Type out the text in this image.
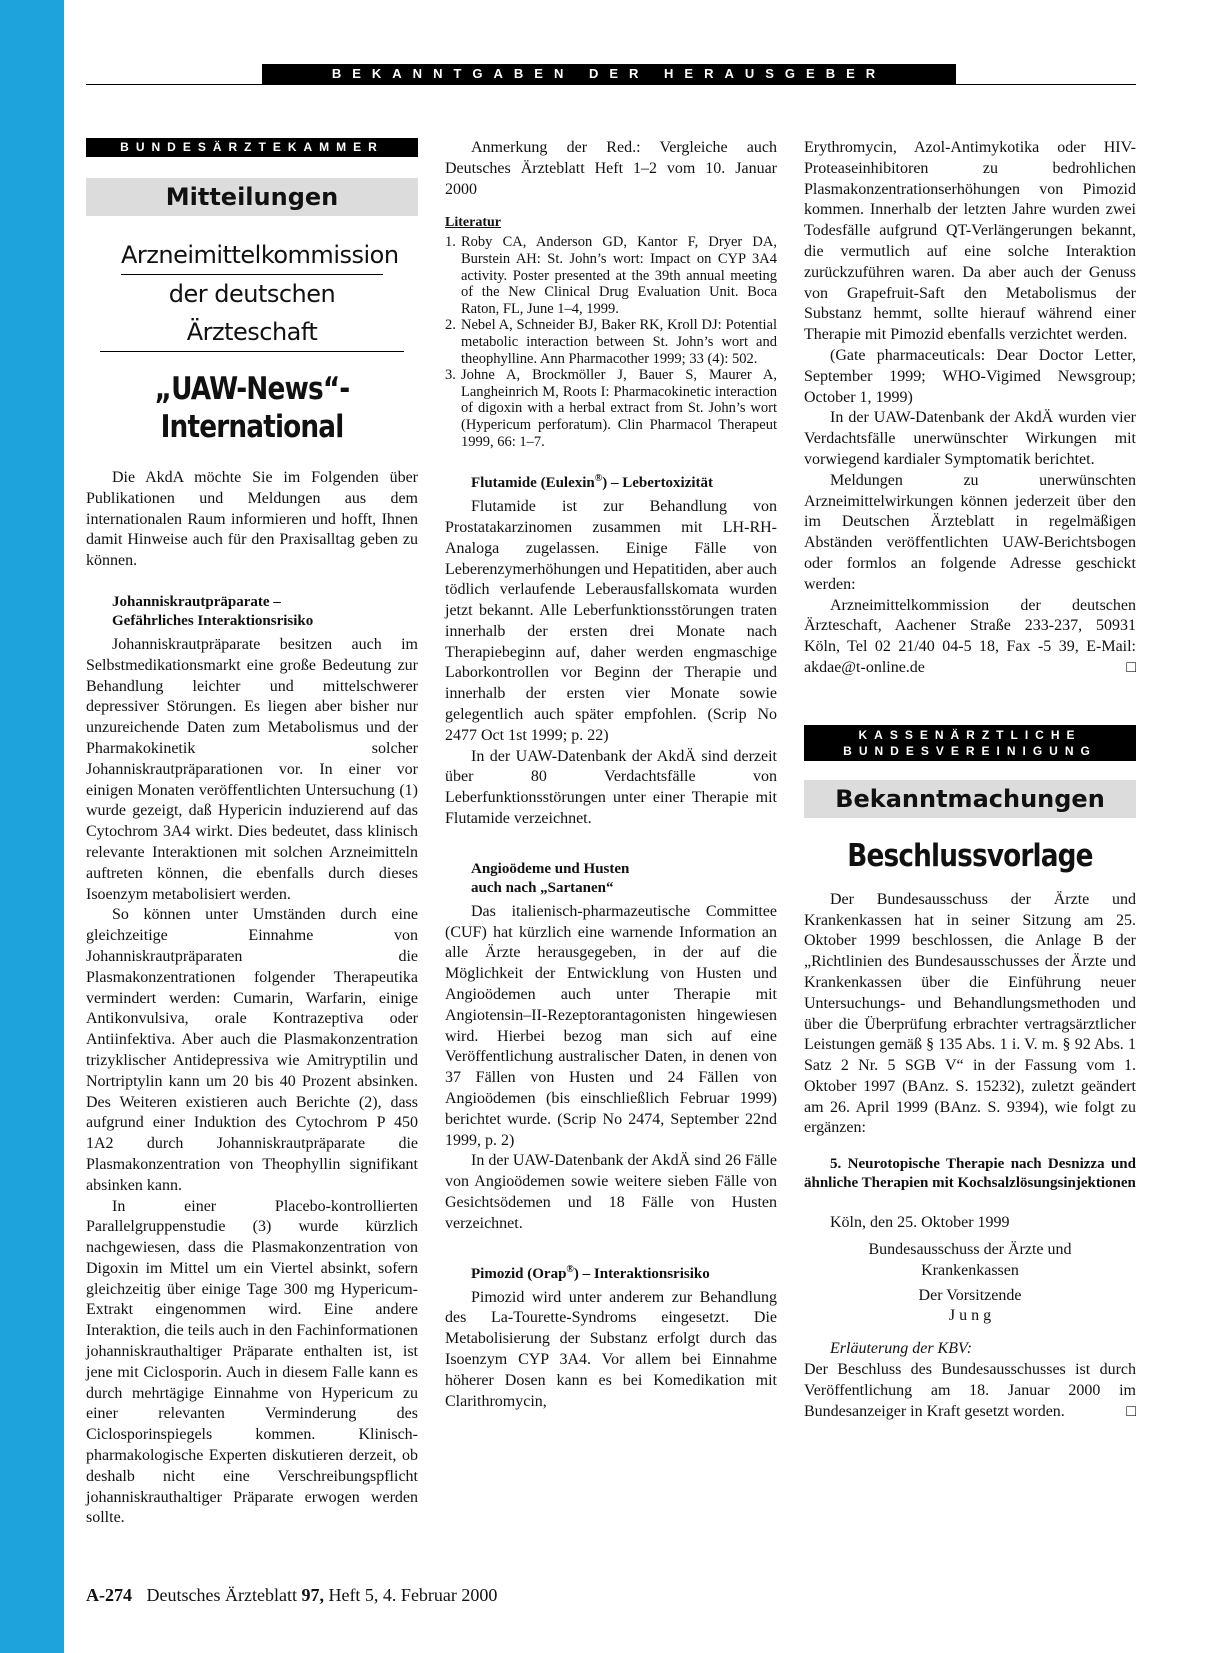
BEKANNTGABEN DER HERAUSGEBER
BUNDESÄRZTEKAMMER
Mitteilungen
Arzneimittelkommission
der deutschen Ärzteschaft
„UAW-News“-
International

Die AkdA möchte Sie im Folgenden über Publikationen und Meldungen aus dem internationalen Raum informieren und hofft, Ihnen damit Hinweise auch für den Praxisalltag geben zu können.

Johanniskrautpräparate –
Gefährliches Interaktionsrisiko

Johanniskrautpräparate besitzen auch im Selbstmedikationsmarkt eine große Bedeutung zur Behandlung leichter und mittelschwerer depressiver Störungen. Es liegen aber bisher nur unzureichende Daten zum Metabolismus und der Pharmakokinetik solcher Johanniskrautpräparationen vor. In einer vor einigen Monaten veröffentlichten Untersuchung (1) wurde gezeigt, daß Hypericin induzierend auf das Cytochrom 3A4 wirkt. Dies bedeutet, dass klinisch relevante Interaktionen mit solchen Arzneimitteln auftreten können, die ebenfalls durch dieses Isoenzym metabolisiert werden.

So können unter Umständen durch eine gleichzeitige Einnahme von Johanniskrautpräparaten die Plasmakonzentrationen folgender Therapeutika vermindert werden: Cumarin, Warfarin, einige Antikonvulsiva, orale Kontrazeptiva oder Antiinfektiva. Aber auch die Plasmakonzentration trizyklischer Antidepressiva wie Amitryptilin und Nortriptylin kann um 20 bis 40 Prozent absinken. Des Weiteren existieren auch Berichte (2), dass aufgrund einer Induktion des Cytochrom P 450 1A2 durch Johanniskrautpräparate die Plasmakonzentration von Theophyllin signifikant absinken kann.

In einer Placebo-kontrollierten Parallelgruppenstudie (3) wurde kürzlich nachgewiesen, dass die Plasmakonzentration von Digoxin im Mittel um ein Viertel absinkt, sofern gleichzeitig über einige Tage 300 mg Hypericum-Extrakt eingenommen wird. Eine andere Interaktion, die teils auch in den Fachinformationen johanniskrauthaltiger Präparate enthalten ist, ist jene mit Ciclosporin. Auch in diesem Falle kann es durch mehrtägige Einnahme von Hypericum zu einer relevanten Verminderung des Ciclosporinspiegels kommen. Klinisch-pharmakologische Experten diskutieren derzeit, ob deshalb nicht eine Verschreibungspflicht johanniskrauthaltiger Präparate erwogen werden sollte.

Anmerkung der Red.: Vergleiche auch Deutsches Ärzteblatt Heft 1–2 vom 10. Januar 2000

Literatur
1. Roby CA, Anderson GD, Kantor F, Dryer DA, Burstein AH: St. John’s wort: Impact on CYP 3A4 activity. Poster presented at the 39th annual meeting of the New Clinical Drug Evaluation Unit. Boca Raton, FL, June 1–4, 1999.
2. Nebel A, Schneider BJ, Baker RK, Kroll DJ: Potential metabolic interaction between St. John’s wort and theophylline. Ann Pharmacother 1999; 33 (4): 502.
3. Johne A, Brockmöller J, Bauer S, Maurer A, Langheinrich M, Roots I: Pharmacokinetic interaction of digoxin with a herbal extract from St. John’s wort (Hypericum perforatum). Clin Pharmacol Therapeut 1999, 66: 1–7.
Flutamide (Eulexin®) – Lebertoxizität

Flutamide ist zur Behandlung von Prostatakarzinomen zusammen mit LH-RH-Analoga zugelassen. Einige Fälle von Leberenzymerhöhungen und Hepatitiden, aber auch tödlich verlaufende Leberausfallskomata wurden jetzt bekannt. Alle Leberfunktionsstörungen traten innerhalb der ersten drei Monate nach Therapiebeginn auf, daher werden engmaschige Laborkontrollen vor Beginn der Therapie und innerhalb der ersten vier Monate sowie gelegentlich auch später empfohlen. (Scrip No 2477 Oct 1st 1999; p. 22)

In der UAW-Datenbank der AkdÄ sind derzeit über 80 Verdachtsfälle von Leberfunktionsstörungen unter einer Therapie mit Flutamide verzeichnet.

Angioödeme und Husten
auch nach „Sartanen“

Das italienisch-pharmazeutische Committee (CUF) hat kürzlich eine warnende Information an alle Ärzte herausgegeben, in der auf die Möglichkeit der Entwicklung von Husten und Angioödemen auch unter Therapie mit Angiotensin–II-Rezeptorantagonisten hingewiesen wird. Hierbei bezog man sich auf eine Veröffentlichung australischer Daten, in denen von 37 Fällen von Husten und 24 Fällen von Angioödemen (bis einschließlich Februar 1999) berichtet wurde. (Scrip No 2474, September 22nd 1999, p. 2)

In der UAW-Datenbank der AkdÄ sind 26 Fälle von Angioödemen sowie weitere sieben Fälle von Gesichtsödemen und 18 Fälle von Husten verzeichnet.

Pimozid (Orap®) – Interaktionsrisiko

Pimozid wird unter anderem zur Behandlung des La-Tourette-Syndroms eingesetzt. Die Metabolisierung der Substanz erfolgt durch das Isoenzym CYP 3A4. Vor allem bei Einnahme höherer Dosen kann es bei Komedikation mit Clarithromycin,

Erythromycin, Azol-Antimykotika oder HIV-Proteaseinhibitoren zu bedrohlichen Plasmakonzentrationserhöhungen von Pimozid kommen. Innerhalb der letzten Jahre wurden zwei Todesfälle aufgrund QT-Verlängerungen bekannt, die vermutlich auf eine solche Interaktion zurückzuführen waren. Da aber auch der Genuss von Grapefruit-Saft den Metabolismus der Substanz hemmt, sollte hierauf während einer Therapie mit Pimozid ebenfalls verzichtet werden.

(Gate pharmaceuticals: Dear Doctor Letter, September 1999; WHO-Vigimed Newsgroup; October 1, 1999)

In der UAW-Datenbank der AkdÄ wurden vier Verdachtsfälle unerwünschter Wirkungen mit vorwiegend kardialer Symptomatik berichtet.

Meldungen zu unerwünschten Arzneimittelwirkungen können jederzeit über den im Deutschen Ärzteblatt in regelmäßigen Abständen veröffentlichten UAW-Berichtsbogen oder formlos an folgende Adresse geschickt werden:

Arzneimittelkommission der deutschen Ärzteschaft, Aachener Straße 233-237, 50931 Köln, Tel 02 21/40 04-5 18, Fax -5 39, E-Mail: akdae@t-online.de	□

KASSENÄRZTLICHE
BUNDESVEREINIGUNG
Bekanntmachungen
Beschlussvorlage

Der Bundesausschuss der Ärzte und Krankenkassen hat in seiner Sitzung am 25. Oktober 1999 beschlossen, die Anlage B der „Richtlinien des Bundesausschusses der Ärzte und Krankenkassen über die Einführung neuer Untersuchungs- und Behandlungsmethoden und über die Überprüfung erbrachter vertragsärztlicher Leistungen gemäß § 135 Abs. 1 i. V. m. § 92 Abs. 1 Satz 2 Nr. 5 SGB V“ in der Fassung vom 1. Oktober 1997 (BAnz. S. 15232), zuletzt geändert am 26. April 1999 (BAnz. S. 9394), wie folgt zu ergänzen:

5. Neurotopische Therapie nach Desnizza und ähnliche Therapien mit Kochsalzlösungsinjektionen

Köln, den 25. Oktober 1999

Bundesausschuss der Ärzte und
Krankenkassen
Der Vorsitzende
J u n g

Erläuterung der KBV:

Der Beschluss des Bundesausschusses ist durch Veröffentlichung am 18. Januar 2000 im Bundesanzeiger in Kraft gesetzt worden.	□

A-274 Deutsches Ärzteblatt 97, Heft 5, 4. Februar 2000
